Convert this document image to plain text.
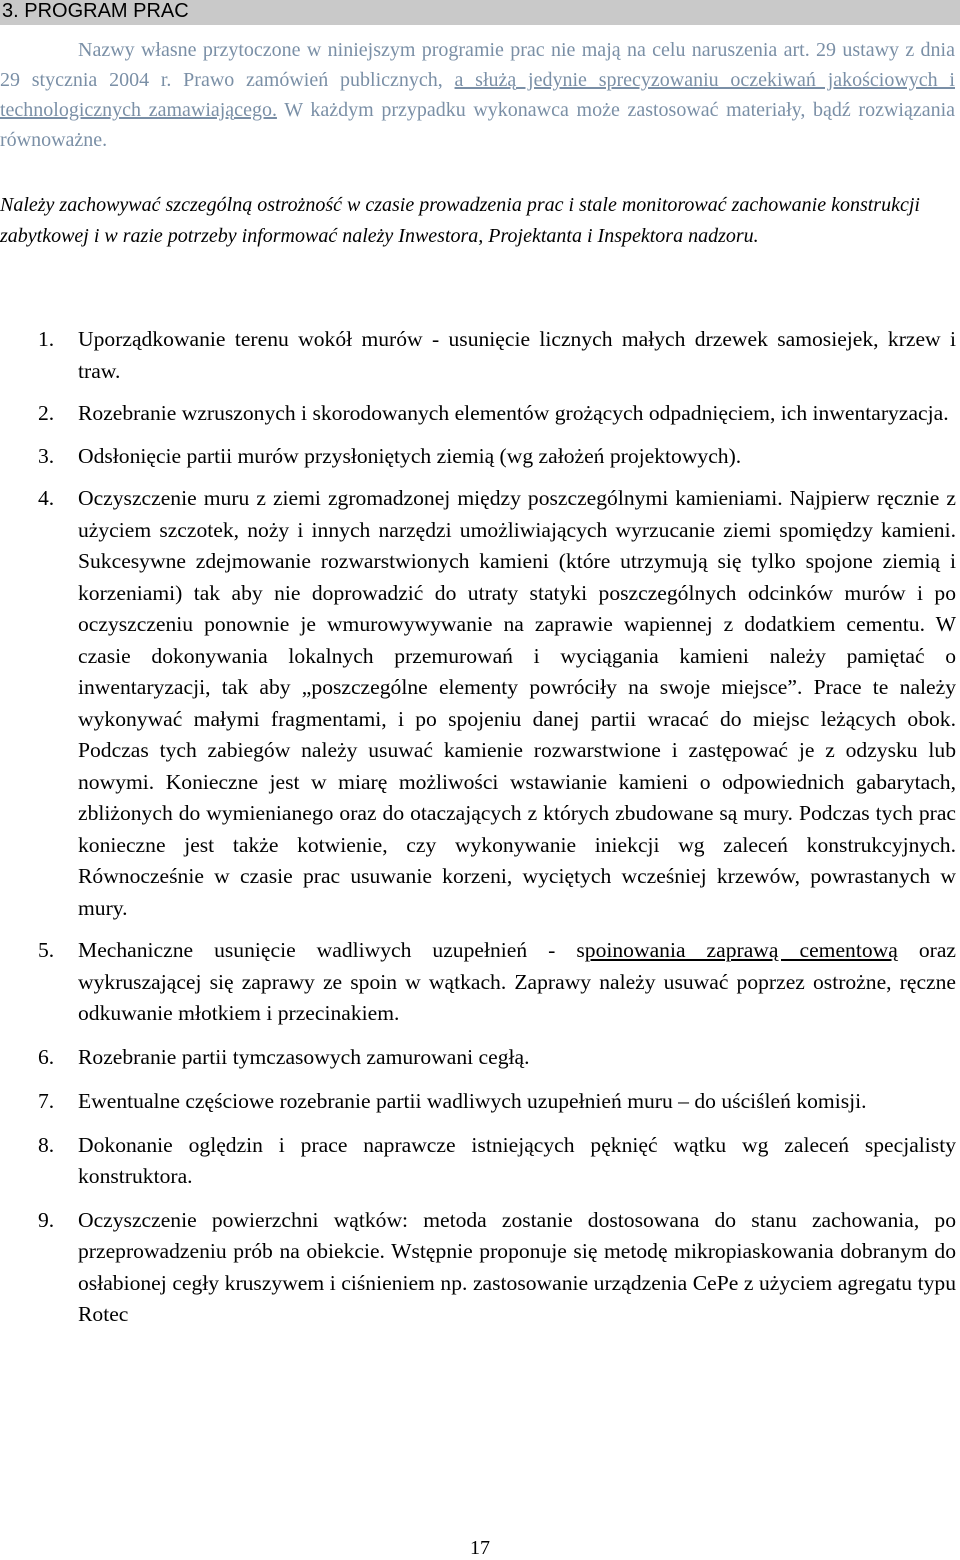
3. PROGRAM PRAC
Nazwy własne przytoczone w niniejszym programie prac nie mają na celu naruszenia art. 29 ustawy z dnia 29 stycznia 2004 r. Prawo zamówień publicznych, a służą jedynie sprecyzowaniu oczekiwań jakościowych i technologicznych zamawiającego. W każdym przypadku wykonawca może zastosować materiały, bądź rozwiązania równoważne.
Należy zachowywać szczególną ostrożność w czasie prowadzenia prac i stale monitorować zachowanie konstrukcji zabytkowej i w razie potrzeby informować należy Inwestora, Projektanta i Inspektora nadzoru.
1. Uporządkowanie terenu wokół murów - usunięcie licznych małych drzewek samosiejek, krzew i traw.
2. Rozebranie wzruszonych i skorodowanych elementów grożących odpadnięciem, ich inwentaryzacja.
3. Odsłonięcie partii murów przysłoniętych ziemią (wg założeń projektowych).
4. Oczyszczenie muru z ziemi zgromadzonej między poszczególnymi kamieniami. Najpierw ręcznie z użyciem szczotek, noży i innych narzędzi umożliwiających wyrzucanie ziemi spomiędzy kamieni. Sukcesywne zdejmowanie rozwarstwionych kamieni (które utrzymują się tylko spojone ziemią i korzeniami) tak aby nie doprowadzić do utraty statyki poszczególnych odcinków murów i po oczyszczeniu ponownie je wmurowywywanie na zaprawie wapiennej z dodatkiem cementu. W czasie dokonywania lokalnych przemurowań i wyciągania kamieni należy pamiętać o inwentaryzacji, tak aby „poszczególne elementy powróciły na swoje miejsce”. Prace te należy wykonywać małymi fragmentami, i po spojeniu danej partii wracać do miejsc leżących obok. Podczas tych zabiegów należy usuwać kamienie rozwarstwione i zastępować je z odzysku lub nowymi. Konieczne jest w miarę możliwości wstawianie kamieni o odpowiednich gabarytach, zbliżonych do wymienianego oraz do otaczających z których zbudowane są mury. Podczas tych prac konieczne jest także kotwienie, czy wykonywanie iniekcji wg zaleceń konstrukcyjnych. Równocześnie w czasie prac usuwanie korzeni, wyciętych wcześniej krzewów, powrastanych w mury.
5. Mechaniczne usunięcie wadliwych uzupełnień - spoinowania zaprawą cementową oraz wykruszającej się zaprawy ze spoin w wątkach. Zaprawy należy usuwać poprzez ostrożne, ręczne odkuwanie młotkiem i przecinakiem.
6. Rozebranie partii tymczasowych zamurowani cegłą.
7. Ewentualne częściowe rozebranie partii wadliwych uzupełnień muru – do uściśleń komisji.
8. Dokonanie oględzin i prace naprawcze istniejących pęknięć wątku wg zaleceń specjalisty konstruktora.
9. Oczyszczenie powierzchni wątków: metoda zostanie dostosowana do stanu zachowania, po przeprowadzeniu prób na obiekcie. Wstępnie proponuje się metodę mikropiaskowania dobranym do osłabionej cegły kruszywem i ciśnieniem np. zastosowanie urządzenia CePe z użyciem agregatu typu Rotec
17
